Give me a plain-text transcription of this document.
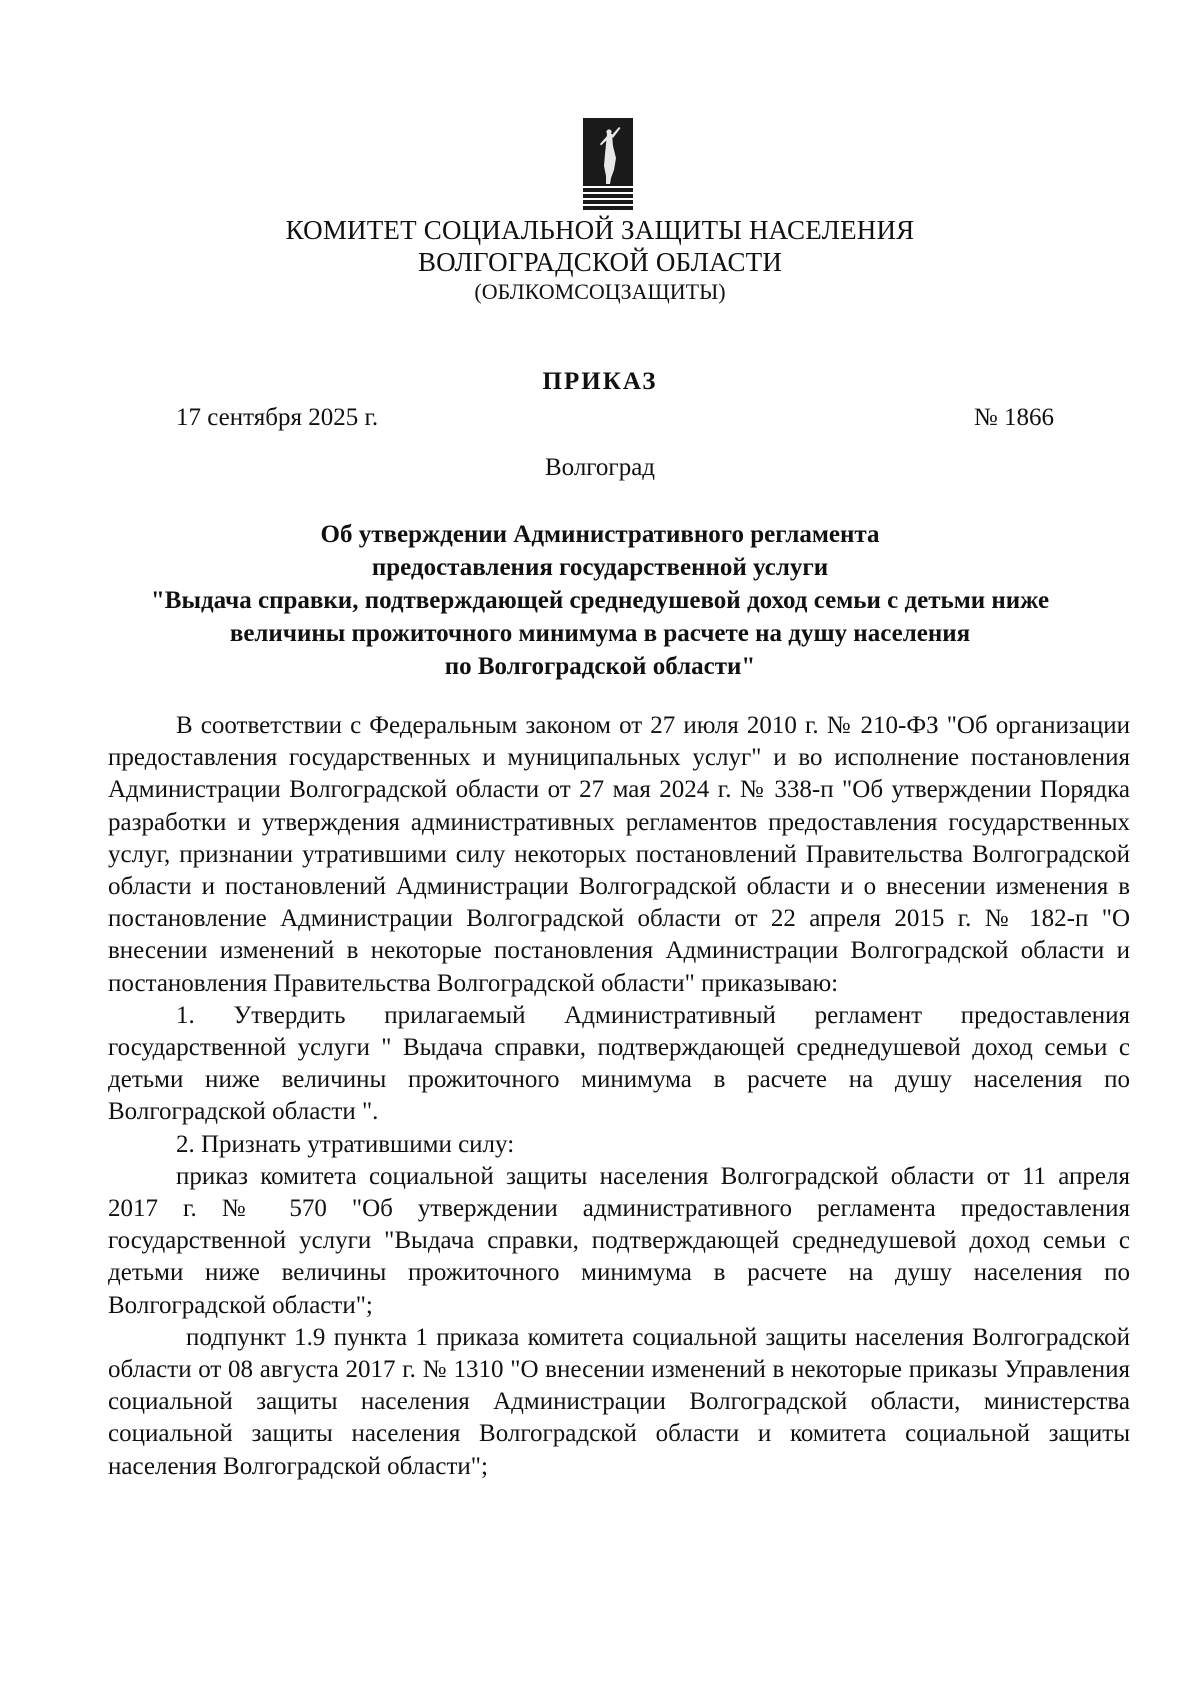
КОМИТЕТ СОЦИАЛЬНОЙ ЗАЩИТЫ НАСЕЛЕНИЯ
ВОЛГОГРАДСКОЙ ОБЛАСТИ
(ОБЛКОМСОЦЗАЩИТЫ)
ПРИКАЗ
17 сентября 2025 г.	№ 1866
Волгоград
Об утверждении Административного регламента
предоставления государственной услуги
"Выдача справки, подтверждающей среднедушевой доход семьи с детьми ниже
величины прожиточного минимума в расчете на душу населения
по Волгоградской области"

В соответствии с Федеральным законом от 27 июля 2010 г. № 210-ФЗ "Об организации предоставления государственных и муниципальных услуг" и во исполнение постановления Администрации Волгоградской области от 27 мая 2024 г. № 338-п "Об утверждении Порядка разработки и утверждения административных регламентов предоставления государственных услуг, признании утратившими силу некоторых постановлений Правительства Волгоградской области и постановлений Администрации Волгоградской области и о внесении изменения в постановление Администрации Волгоградской области от 22 апреля 2015 г. № 182-п "О внесении изменений в некоторые постановления Администрации Волгоградской области и постановления Правительства Волгоградской области" приказываю:

1. Утвердить прилагаемый Административный регламент предоставления государственной услуги " Выдача справки, подтверждающей среднедушевой доход семьи с детьми ниже величины прожиточного минимума в расчете на душу населения по Волгоградской области ".

2. Признать утратившими силу:

приказ комитета социальной защиты населения Волгоградской области от 11 апреля 2017 г. № 570 "Об утверждении административного регламента предоставления государственной услуги "Выдача справки, подтверждающей среднедушевой доход семьи с детьми ниже величины прожиточного минимума в расчете на душу населения по Волгоградской области";

подпункт 1.9 пункта 1 приказа комитета социальной защиты населения Волгоградской области от 08 августа 2017 г. № 1310 "О внесении изменений в некоторые приказы Управления социальной защиты населения Администрации Волгоградской области, министерства социальной защиты населения Волгоградской области и комитета социальной защиты населения Волгоградской области";
